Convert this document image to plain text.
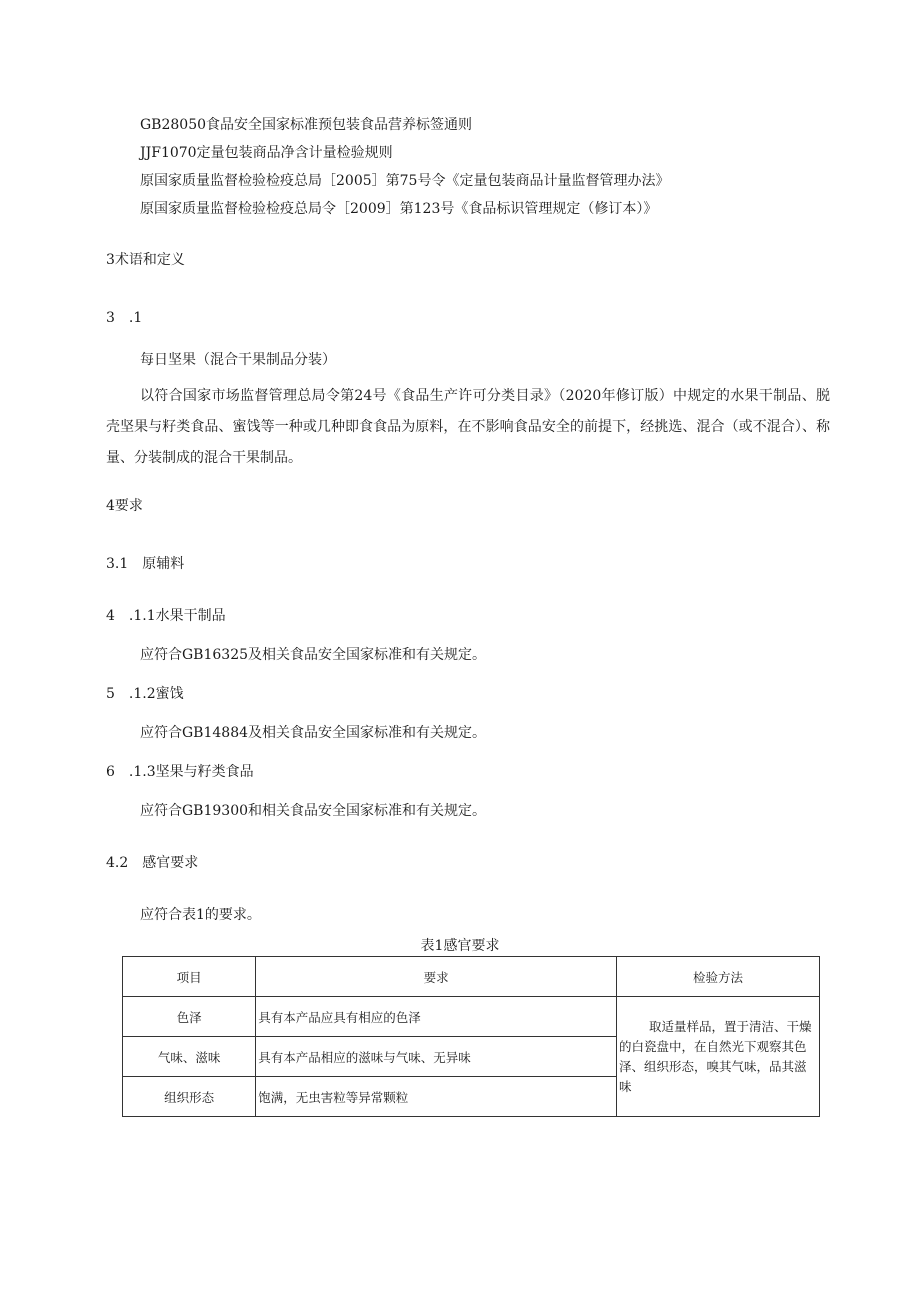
GB28050食品安全国家标准预包装食品营养标签通则
JJF1070定量包装商品净含计量检验规则
原国家质量监督检验检疫总局［2005］第75号令《定量包装商品计量监督管理办法》
原国家质量监督检验检疫总局令［2009］第123号《食品标识管理规定（修订本）》
3术语和定义
3　.1
每日坚果（混合干果制品分装）
以符合国家市场监督管理总局令第24号《食品生产许可分类目录》（2020年修订版）中规定的水果干制品、脱壳坚果与籽类食品、蜜饯等一种或几种即食食品为原料，在不影响食品安全的前提下，经挑选、混合（或不混合）、称量、分装制成的混合干果制品。
4要求
3.1　原辅料
4　.1.1水果干制品
应符合GB16325及相关食品安全国家标准和有关规定。
5　.1.2蜜饯
应符合GB14884及相关食品安全国家标准和有关规定。
6　.1.3坚果与籽类食品
应符合GB19300和相关食品安全国家标准和有关规定。
4.2　感官要求
应符合表1的要求。
表1感官要求
项目	要求	检验方法
色泽	具有本产品应具有相应的色泽	取适量样品，置于清洁、干燥的白瓷盘中，在自然光下观察其色泽、组织形态，嗅其气味，品其滋味

气味、滋味	具有本产品相应的滋味与气味、无异味	
组织形态	饱满，无虫害粒等异常颗粒	
